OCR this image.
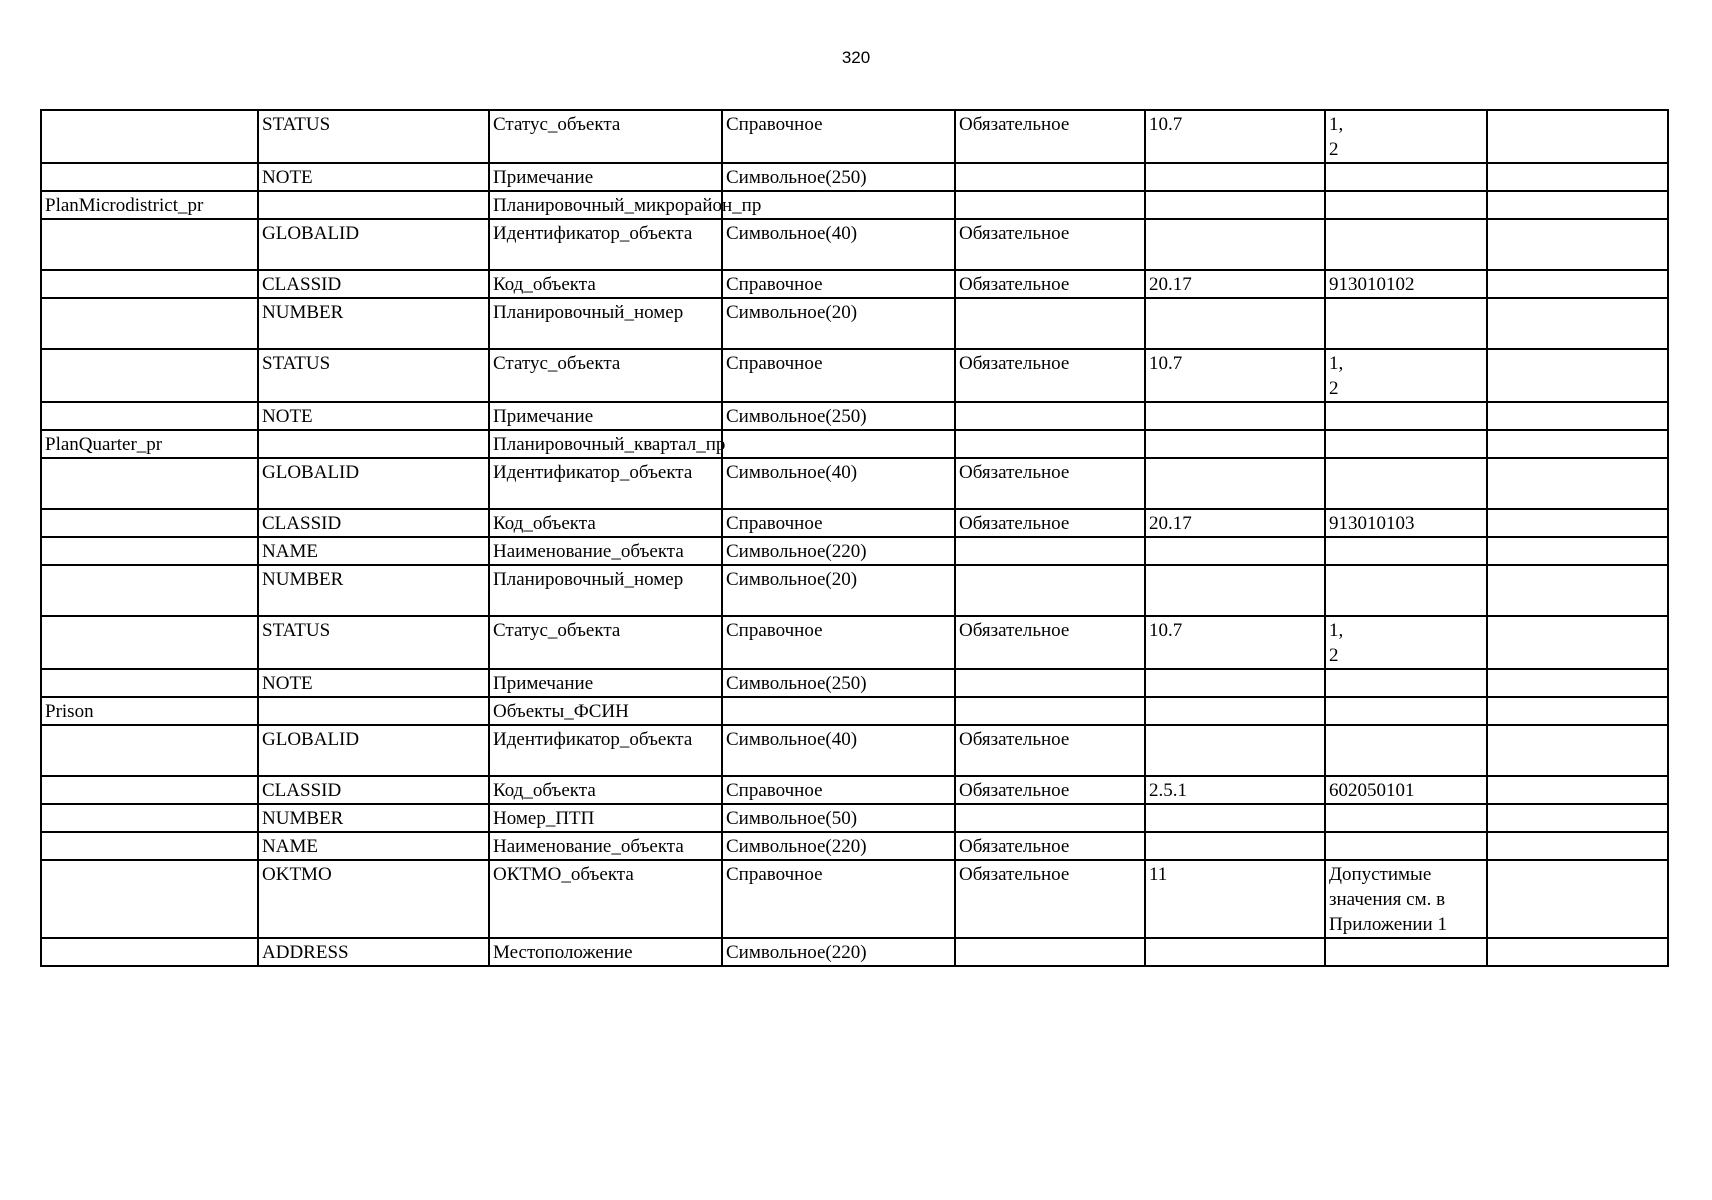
320
	STATUS	Статус_объекта	Справочное	Обязательное	10.7	1,
2	
	NOTE	Примечание	Символьное(250)				
PlanMicrodistrict_pr		Планировочный_микрорайон_пр					
	GLOBALID	Идентификатор_объекта	Символьное(40)	Обязательное			
	CLASSID	Код_объекта	Справочное	Обязательное	20.17	913010102	
	NUMBER	Планировочный_номер	Символьное(20)				
	STATUS	Статус_объекта	Справочное	Обязательное	10.7	1,
2	
	NOTE	Примечание	Символьное(250)				
PlanQuarter_pr		Планировочный_квартал_пр					
	GLOBALID	Идентификатор_объекта	Символьное(40)	Обязательное			
	CLASSID	Код_объекта	Справочное	Обязательное	20.17	913010103	
	NAME	Наименование_объекта	Символьное(220)				
	NUMBER	Планировочный_номер	Символьное(20)				
	STATUS	Статус_объекта	Справочное	Обязательное	10.7	1,
2	
	NOTE	Примечание	Символьное(250)				
Prison		Объекты_ФСИН					
	GLOBALID	Идентификатор_объекта	Символьное(40)	Обязательное			
	CLASSID	Код_объекта	Справочное	Обязательное	2.5.1	602050101	
	NUMBER	Номер_ПТП	Символьное(50)				
	NAME	Наименование_объекта	Символьное(220)	Обязательное			
	OKTMO	ОКТМО_объекта	Справочное	Обязательное	11	Допустимые
значения см. в
Приложении 1	
	ADDRESS	Местоположение	Символьное(220)				
